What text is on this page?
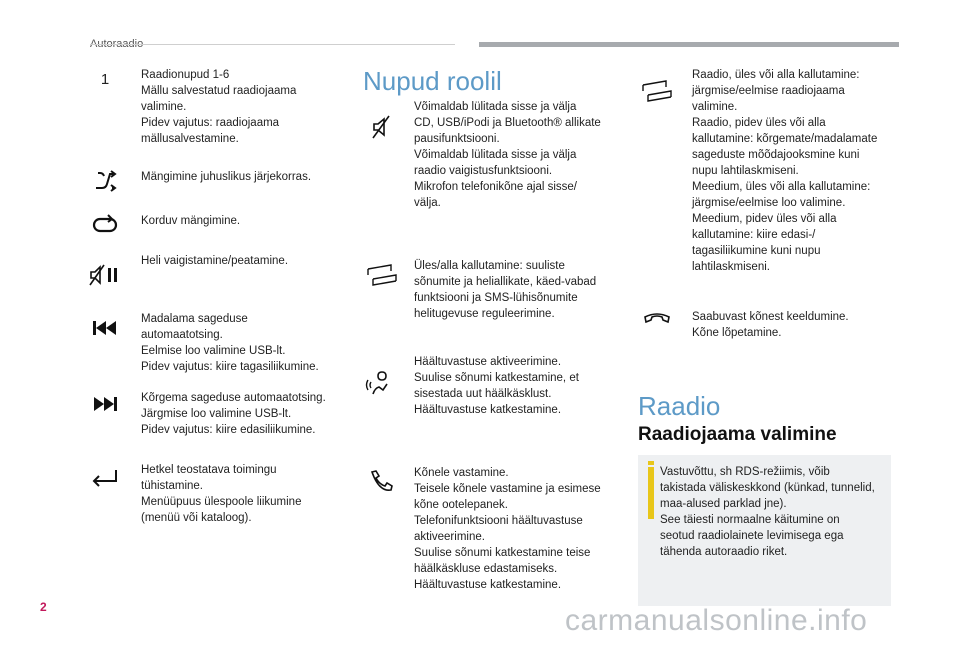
Autoraadio
1	Raadionupud 1-6

Mällu salvestatud raadiojaama

valimine.

Pidev vajutus: raadiojaama

mällusalvestamine.

Mängimine juhuslikus järjekorras.

Korduv mängimine.

Heli vaigistamine/peatamine.

Madalama sageduse

automaatotsing.

Eelmise loo valimine USB-lt.

Pidev vajutus: kiire tagasiliikumine.

Kõrgema sageduse automaatotsing.

Järgmise loo valimine USB-lt.

Pidev vajutus: kiire edasiliikumine.

Hetkel teostatava toimingu

tühistamine.

Menüüpuus ülespoole liikumine

(menüü või kataloog).

Nupud roolil

Võimaldab lülitada sisse ja välja

CD, USB/iPodi ja Bluetooth® allikate

pausifunktsiooni.

Võimaldab lülitada sisse ja välja

raadio vaigistusfunktsiooni.

Mikrofon telefonikõne ajal sisse/

välja.

Üles/alla kallutamine: suuliste

sõnumite ja heliallikate, käed-vabad

funktsiooni ja SMS-lühisõnumite

helitugevuse reguleerimine.

Häältuvastuse aktiveerimine.

Suulise sõnumi katkestamine, et

sisestada uut häälkäsklust.

Häältuvastuse katkestamine.

Kõnele vastamine.

Teisele kõnele vastamine ja esimese

kõne ootelepanek.

Telefonifunktsiooni häältuvastuse

aktiveerimine.

Suulise sõnumi katkestamine teise

häälkäskluse edastamiseks.

Häältuvastuse katkestamine.

Raadio, üles või alla kallutamine:

järgmise/eelmise raadiojaama

valimine.

Raadio, pidev üles või alla

kallutamine: kõrgemate/madalamate

sageduste mõõdajooksmine kuni

nupu lahtilaskmiseni.

Meedium, üles või alla kallutamine:

järgmise/eelmise loo valimine.

Meedium, pidev üles või alla

kallutamine: kiire edasi-/

tagasiliikumine kuni nupu

lahtilaskmiseni.

Saabuvast kõnest keeldumine.

Kõne lõpetamine.

Raadio
Raadiojaama valimine

Vastuvõttu, sh RDS-režiimis, võib

takistada väliskeskkond (künkad, tunnelid,

maa-alused parklad jne).

See täiesti normaalne käitumine on

seotud raadiolainete levimisega ega

tähenda autoraadio riket.

2	carmanualsonline.info
